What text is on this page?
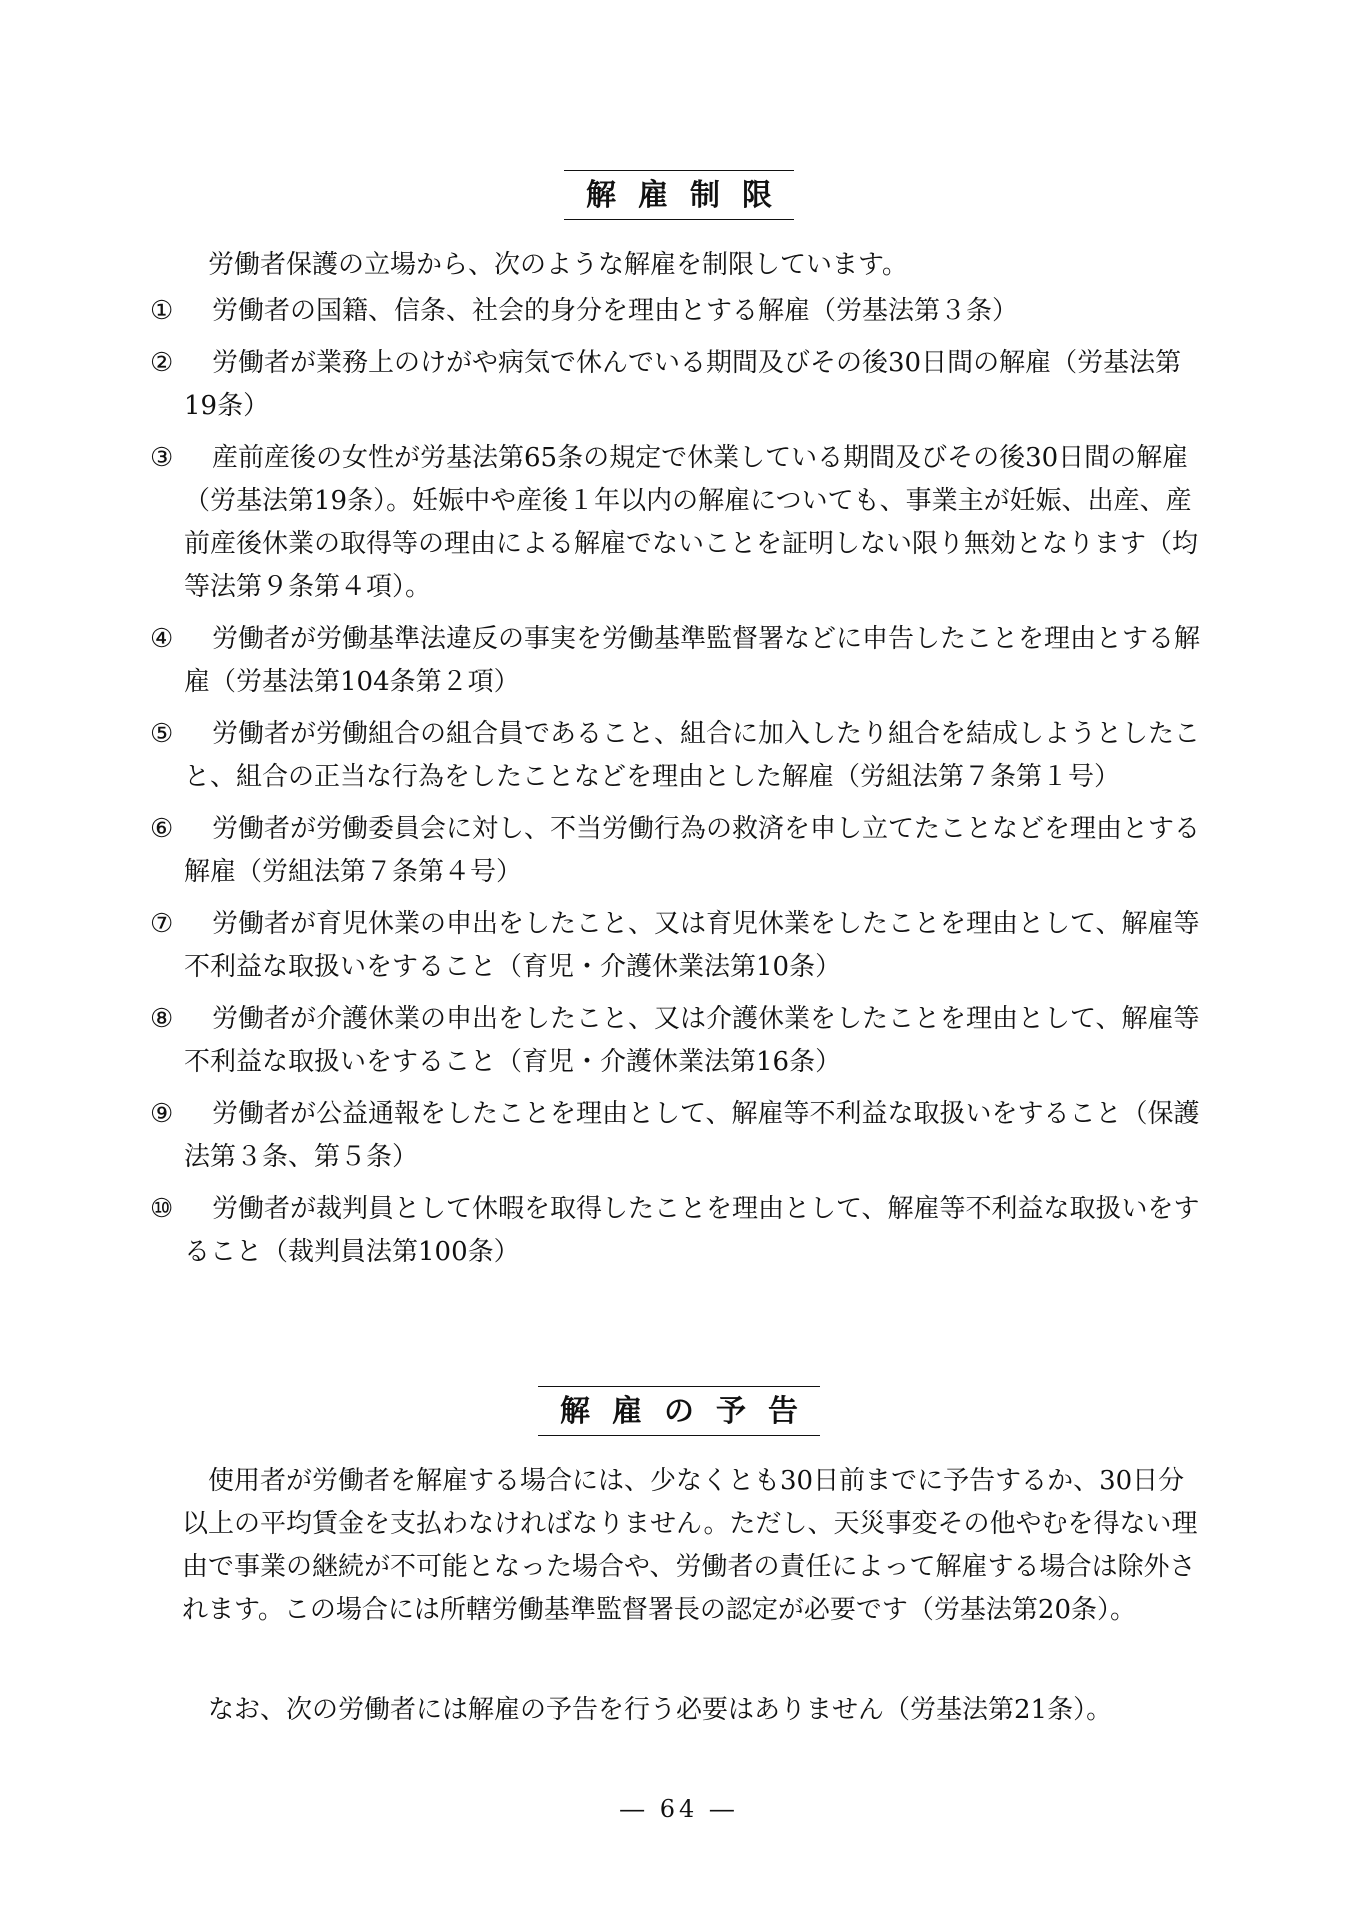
解雇制限
労働者保護の立場から、次のような解雇を制限しています。
① 労働者の国籍、信条、社会的身分を理由とする解雇（労基法第３条）
② 労働者が業務上のけがや病気で休んでいる期間及びその後30日間の解雇（労基法第19条）
③ 産前産後の女性が労基法第65条の規定で休業している期間及びその後30日間の解雇（労基法第19条）。妊娠中や産後１年以内の解雇についても、事業主が妊娠、出産、産前産後休業の取得等の理由による解雇でないことを証明しない限り無効となります（均等法第９条第４項）。
④ 労働者が労働基準法違反の事実を労働基準監督署などに申告したことを理由とする解雇（労基法第104条第２項）
⑤ 労働者が労働組合の組合員であること、組合に加入したり組合を結成しようとしたこと、組合の正当な行為をしたことなどを理由とした解雇（労組法第７条第１号）
⑥ 労働者が労働委員会に対し、不当労働行為の救済を申し立てたことなどを理由とする解雇（労組法第７条第４号）
⑦ 労働者が育児休業の申出をしたこと、又は育児休業をしたことを理由として、解雇等不利益な取扱いをすること（育児・介護休業法第10条）
⑧ 労働者が介護休業の申出をしたこと、又は介護休業をしたことを理由として、解雇等不利益な取扱いをすること（育児・介護休業法第16条）
⑨ 労働者が公益通報をしたことを理由として、解雇等不利益な取扱いをすること（保護法第３条、第５条）
⑩ 労働者が裁判員として休暇を取得したことを理由として、解雇等不利益な取扱いをすること（裁判員法第100条）
解雇の予告
使用者が労働者を解雇する場合には、少なくとも30日前までに予告するか、30日分以上の平均賃金を支払わなければなりません。ただし、天災事変その他やむを得ない理由で事業の継続が不可能となった場合や、労働者の責任によって解雇する場合は除外されます。この場合には所轄労働基準監督署長の認定が必要です（労基法第20条）。
なお、次の労働者には解雇の予告を行う必要はありません（労基法第21条）。
― 64 ―
